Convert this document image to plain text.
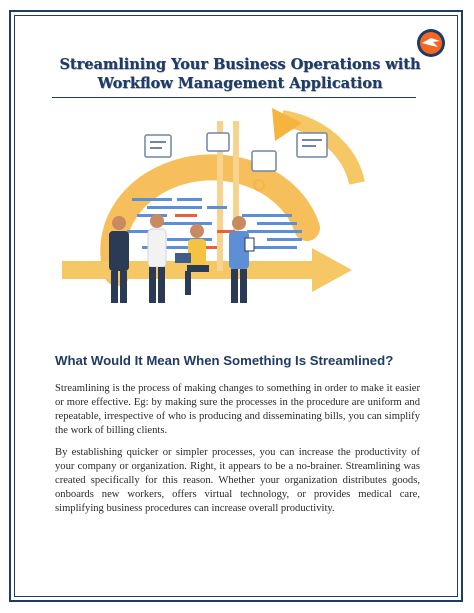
Streamlining Your Business Operations with
Workflow Management Application
What Would It Mean When Something Is Streamlined?
Streamlining is the process of making changes to something in order to make it easier or more effective. Eg: by making sure the processes in the procedure are uniform and repeatable, irrespective of who is producing and disseminating bills, you can simplify the work of billing clients.
By establishing quicker or simpler processes, you can increase the productivity of your company or organization. Right, it appears to be a no-brainer. Streamlining was created specifically for this reason. Whether your organization distributes goods, onboards new workers, offers virtual technology, or provides medical care, simplifying business procedures can increase overall productivity.
